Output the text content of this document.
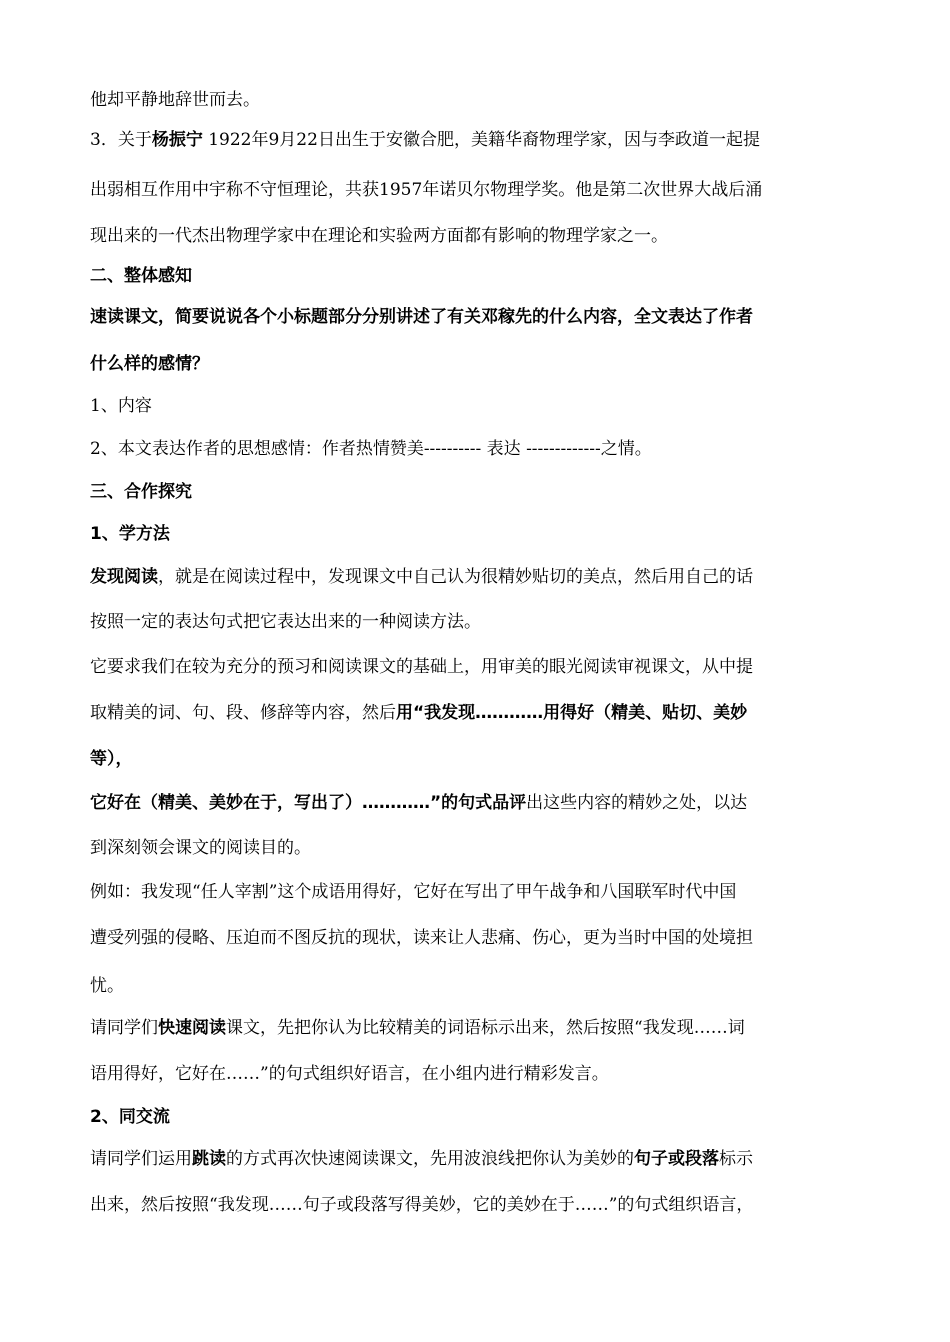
他却平静地辞世而去。
3．关于杨振宁 1922年9月22日出生于安徽合肥，美籍华裔物理学家，因与李政道一起提
出弱相互作用中宇称不守恒理论，共获1957年诺贝尔物理学奖。他是第二次世界大战后涌
现出来的一代杰出物理学家中在理论和实验两方面都有影响的物理学家之一。
二、整体感知
速读课文，简要说说各个小标题部分分别讲述了有关邓稼先的什么内容，全文表达了作者
什么样的感情？
1、内容
2、本文表达作者的思想感情：作者热情赞美---------- 表达 -------------之情。
三、合作探究
1、学方法
发现阅读，就是在阅读过程中，发现课文中自己认为很精妙贴切的美点，然后用自己的话
按照一定的表达句式把它表达出来的一种阅读方法。
它要求我们在较为充分的预习和阅读课文的基础上，用审美的眼光阅读审视课文，从中提
取精美的词、句、段、修辞等内容，然后用“我发现…………用得好（精美、贴切、美妙
等），
它好在（精美、美妙在于，写出了）…………”的句式品评出这些内容的精妙之处，以达
到深刻领会课文的阅读目的。
例如：我发现“任人宰割”这个成语用得好，它好在写出了甲午战争和八国联军时代中国
遭受列强的侵略、压迫而不图反抗的现状，读来让人悲痛、伤心，更为当时中国的处境担
忧。
请同学们快速阅读课文，先把你认为比较精美的词语标示出来，然后按照“我发现……词
语用得好，它好在……”的句式组织好语言，在小组内进行精彩发言。
2、同交流
请同学们运用跳读的方式再次快速阅读课文，先用波浪线把你认为美妙的句子或段落标示
出来，然后按照“我发现……句子或段落写得美妙，它的美妙在于……”的句式组织语言，
